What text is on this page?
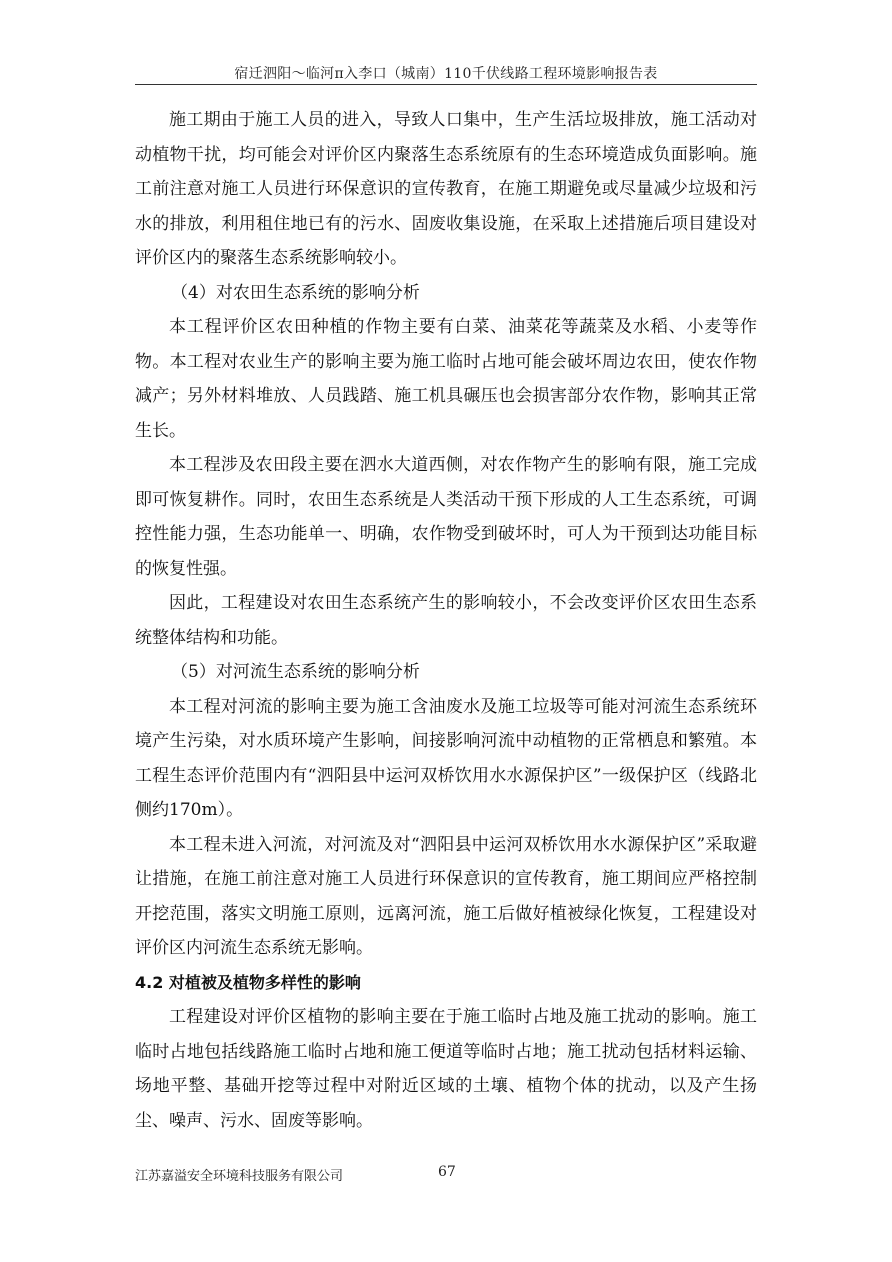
宿迁泗阳～临河π入李口（城南）110千伏线路工程环境影响报告表

施工期由于施工人员的进入，导致人口集中，生产生活垃圾排放，施工活动对动植物干扰，均可能会对评价区内聚落生态系统原有的生态环境造成负面影响。施工前注意对施工人员进行环保意识的宣传教育，在施工期避免或尽量减少垃圾和污水的排放，利用租住地已有的污水、固废收集设施，在采取上述措施后项目建设对评价区内的聚落生态系统影响较小。

（4）对农田生态系统的影响分析

本工程评价区农田种植的作物主要有白菜、油菜花等蔬菜及水稻、小麦等作物。本工程对农业生产的影响主要为施工临时占地可能会破坏周边农田，使农作物减产；另外材料堆放、人员践踏、施工机具碾压也会损害部分农作物，影响其正常生长。

本工程涉及农田段主要在泗水大道西侧，对农作物产生的影响有限，施工完成即可恢复耕作。同时，农田生态系统是人类活动干预下形成的人工生态系统，可调控性能力强，生态功能单一、明确，农作物受到破坏时，可人为干预到达功能目标的恢复性强。

因此，工程建设对农田生态系统产生的影响较小，不会改变评价区农田生态系统整体结构和功能。

（5）对河流生态系统的影响分析

本工程对河流的影响主要为施工含油废水及施工垃圾等可能对河流生态系统环境产生污染，对水质环境产生影响，间接影响河流中动植物的正常栖息和繁殖。本工程生态评价范围内有“泗阳县中运河双桥饮用水水源保护区”一级保护区（线路北侧约170m）。

本工程未进入河流，对河流及对“泗阳县中运河双桥饮用水水源保护区”采取避让措施，在施工前注意对施工人员进行环保意识的宣传教育，施工期间应严格控制开挖范围，落实文明施工原则，远离河流，施工后做好植被绿化恢复，工程建设对评价区内河流生态系统无影响。

4.2 对植被及植物多样性的影响

工程建设对评价区植物的影响主要在于施工临时占地及施工扰动的影响。施工临时占地包括线路施工临时占地和施工便道等临时占地；施工扰动包括材料运输、场地平整、基础开挖等过程中对附近区域的土壤、植物个体的扰动，以及产生扬尘、噪声、污水、固废等影响。

江苏嘉溢安全环境科技服务有限公司	67
